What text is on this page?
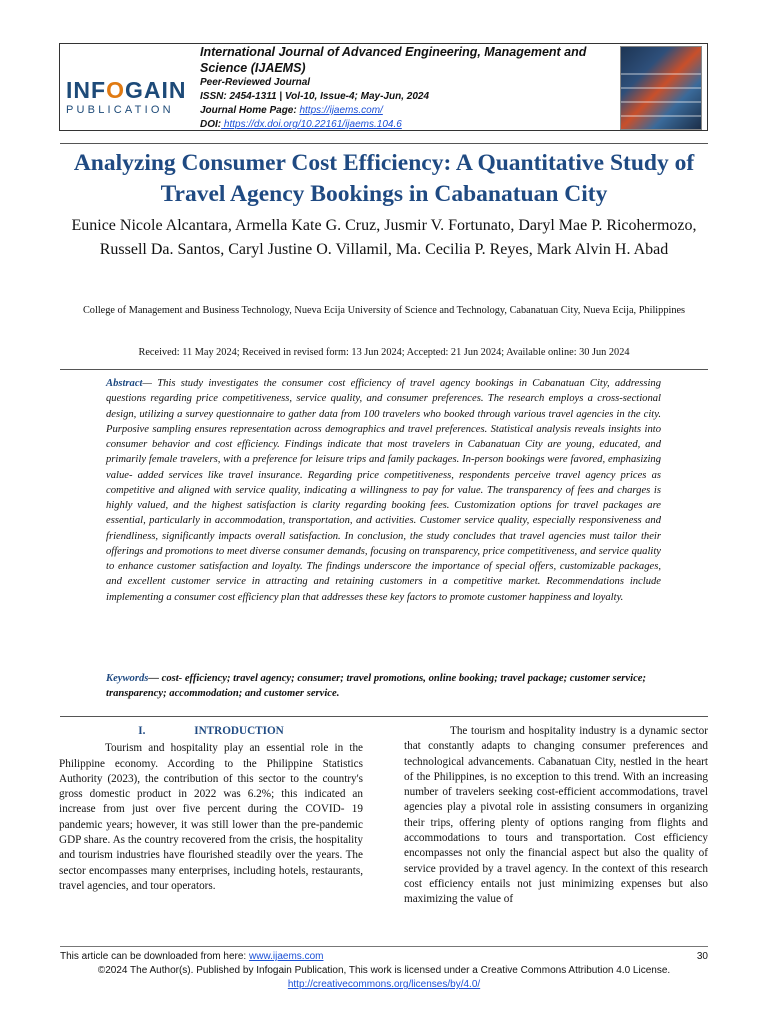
INFOGAIN
PUBLICATION
International Journal of Advanced Engineering, Management and Science (IJAEMS)
Peer-Reviewed Journal
ISSN: 2454-1311 | Vol-10, Issue-4; May-Jun, 2024
Journal Home Page: https://ijaems.com/
DOI: https://dx.doi.org/10.22161/ijaems.104.6
Analyzing Consumer Cost Efficiency: A Quantitative Study of Travel Agency Bookings in Cabanatuan City
Eunice Nicole Alcantara, Armella Kate G. Cruz, Jusmir V. Fortunato, Daryl Mae P. Ricohermozo, Russell Da. Santos, Caryl Justine O. Villamil, Ma. Cecilia P. Reyes, Mark Alvin H. Abad
College of Management and Business Technology, Nueva Ecija University of Science and Technology, Cabanatuan City, Nueva Ecija, Philippines
Received: 11 May 2024; Received in revised form: 13 Jun 2024; Accepted: 21 Jun 2024; Available online: 30 Jun 2024
Abstract— This study investigates the consumer cost efficiency of travel agency bookings in Cabanatuan City, addressing questions regarding price competitiveness, service quality, and consumer preferences. The research employs a cross-sectional design, utilizing a survey questionnaire to gather data from 100 travelers who booked through various travel agencies in the city. Purposive sampling ensures representation across demographics and travel preferences. Statistical analysis reveals insights into consumer behavior and cost efficiency. Findings indicate that most travelers in Cabanatuan City are young, educated, and primarily female travelers, with a preference for leisure trips and family packages. In-person bookings were favored, emphasizing value- added services like travel insurance. Regarding price competitiveness, respondents perceive travel agency prices as competitive and aligned with service quality, indicating a willingness to pay for value. The transparency of fees and charges is highly valued, and the highest satisfaction is clarity regarding booking fees. Customization options for travel packages are essential, particularly in accommodation, transportation, and activities. Customer service quality, especially responsiveness and friendliness, significantly impacts overall satisfaction. In conclusion, the study concludes that travel agencies must tailor their offerings and promotions to meet diverse consumer demands, focusing on transparency, price competitiveness, and service quality to enhance customer satisfaction and loyalty. The findings underscore the importance of special offers, customizable packages, and excellent customer service in attracting and retaining customers in a competitive market. Recommendations include implementing a consumer cost efficiency plan that addresses these key factors to promote customer happiness and loyalty.
Keywords— cost- efficiency; travel agency; consumer; travel promotions, online booking; travel package; customer service; transparency; accommodation; and customer service.
I.	INTRODUCTION

Tourism and hospitality play an essential role in the Philippine economy. According to the Philippine Statistics Authority (2023), the contribution of this sector to the country's gross domestic product in 2022 was 6.2%; this indicated an increase from just over five percent during the COVID- 19 pandemic years; however, it was still lower than the pre-pandemic GDP share. As the country recovered from the crisis, the hospitality and tourism industries have flourished steadily over the years. The sector encompasses many enterprises, including hotels, restaurants, travel agencies, and tour operators.

The tourism and hospitality industry is a dynamic sector that constantly adapts to changing consumer preferences and technological advancements. Cabanatuan City, nestled in the heart of the Philippines, is no exception to this trend. With an increasing number of travelers seeking cost-efficient accommodations, travel agencies play a pivotal role in assisting consumers in organizing their trips, offering plenty of options ranging from flights and accommodations to tours and transportation. Cost efficiency encompasses not only the financial aspect but also the quality of service provided by a travel agency. In the context of this research cost efficiency entails not just minimizing expenses but also maximizing the value of

This article can be downloaded from here: www.ijaems.com	30
©2024 The Author(s). Published by Infogain Publication, This work is licensed under a Creative Commons Attribution 4.0 License.
http://creativecommons.org/licenses/by/4.0/
